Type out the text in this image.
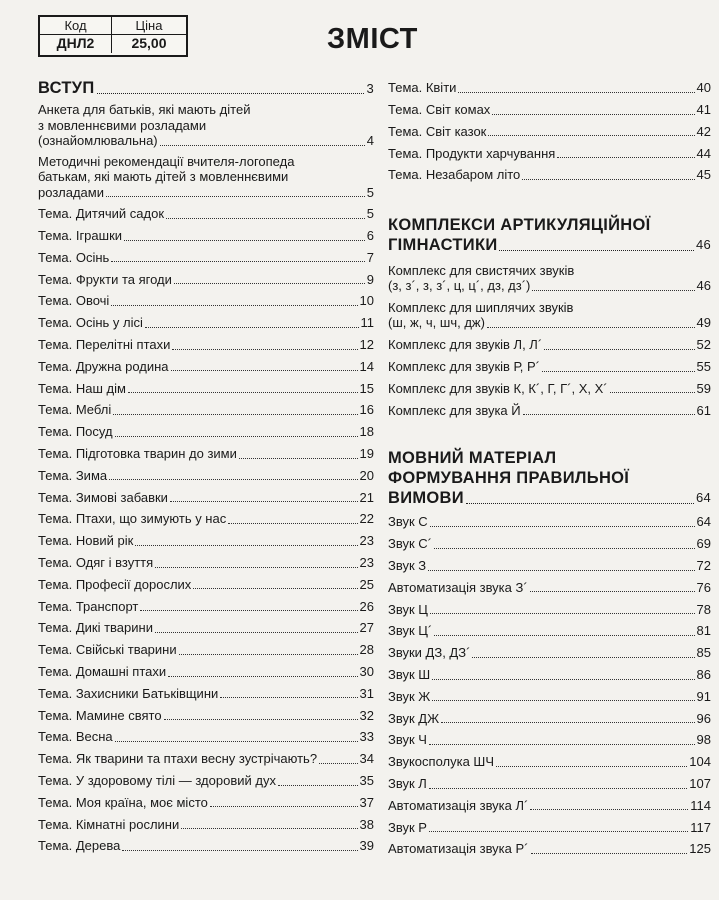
Код	Ціна
ДНЛ2	25,00	ЗМІСТ
ВСТУП	3
Анкета для батьків, які мають дітей
з мовленнєвими розладами
(ознайомлювальна)	4
Методичні рекомендації вчителя-логопеда
батькам, які мають дітей з мовленнєвими
розладами	5
Тема. Дитячий садок	5
Тема. Іграшки	6
Тема. Осінь	7
Тема. Фрукти та ягоди	9
Тема. Овочі	10
Тема. Осінь у лісі	11
Тема. Перелітні птахи	12
Тема. Дружна родина	14
Тема. Наш дім	15
Тема. Меблі	16
Тема. Посуд	18
Тема. Підготовка тварин до зими	19
Тема. Зима	20
Тема. Зимові забавки	21
Тема. Птахи, що зимують у нас	22
Тема. Новий рік	23
Тема. Одяг і взуття	23
Тема. Професії дорослих	25
Тема. Транспорт	26
Тема. Дикі тварини	27
Тема. Свійські тварини	28
Тема. Домашні птахи	30
Тема. Захисники Батьківщини	31
Тема. Мамине свято	32
Тема. Весна	33
Тема. Як тварини та птахи весну зустрічають?	34
Тема. У здоровому тілі — здоровий дух	35
Тема. Моя країна, моє місто	37
Тема. Кімнатні рослини	38
Тема. Дерева	39
Тема. Квіти	40
Тема. Світ комах	41
Тема. Світ казок	42
Тема. Продукти харчування	44
Тема. Незабаром літо	45
КОМПЛЕКСИ АРТИКУЛЯЦІЙНОЇ
ГІМНАСТИКИ	46
Комплекс для свистячих звуків
(з, з´, з, з´, ц, ц´, дз, дз´)	46
Комплекс для шиплячих звуків
(ш, ж, ч, шч, дж)	49
Комплекс для звуків Л, Л´	52
Комплекс для звуків Р, Р´	55
Комплекс для звуків К, К´, Г, Г´, Х, Х´	59
Комплекс для звука Й	61
МОВНИЙ МАТЕРІАЛ
ФОРМУВАННЯ ПРАВИЛЬНОЇ
ВИМОВИ	64
Звук С	64
Звук С´	69
Звук З	72
Автоматизація звука З´	76
Звук Ц	78
Звук Ц´	81
Звуки ДЗ, ДЗ´	85
Звук Ш	86
Звук Ж	91
Звук ДЖ	96
Звук Ч	98
Звукосполука ШЧ	104
Звук Л	107
Автоматизація звука Л´	114
Звук Р	117
Автоматизація звука Р´	125
